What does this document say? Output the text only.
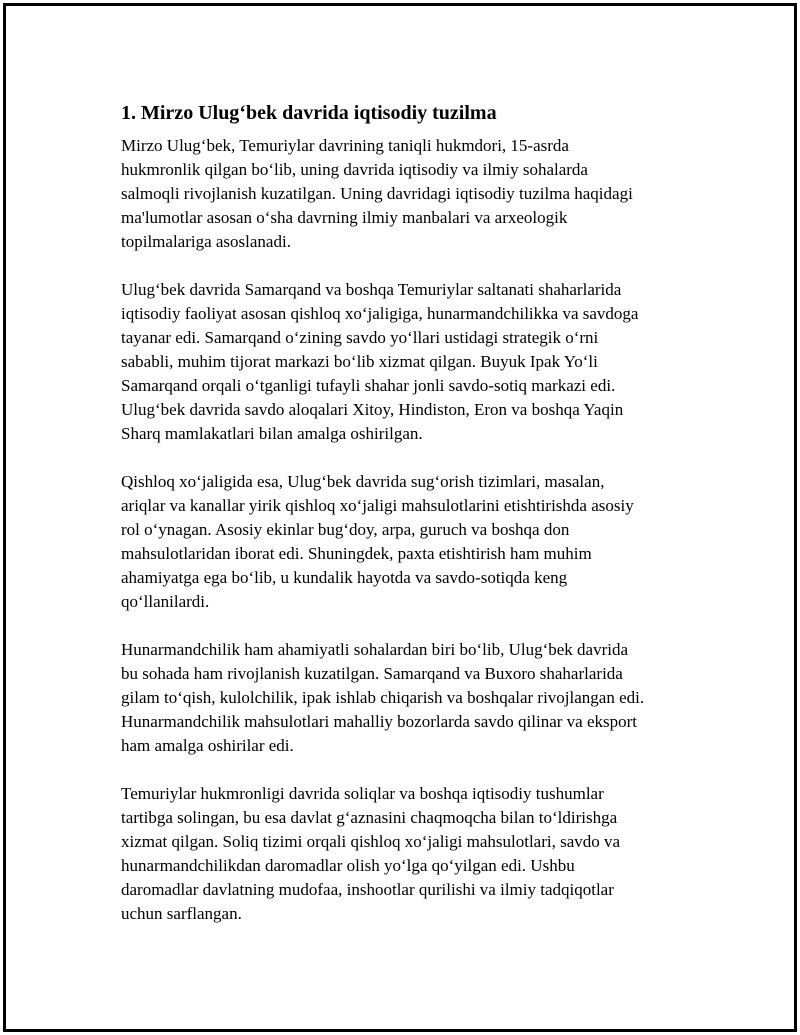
1. Mirzo Ulug‘bek davrida iqtisodiy tuzilma

Mirzo Ulug‘bek, Temuriylar davrining taniqli hukmdori, 15-asrda
hukmronlik qilgan bo‘lib, uning davrida iqtisodiy va ilmiy sohalarda
salmoqli rivojlanish kuzatilgan. Uning davridagi iqtisodiy tuzilma haqidagi
ma'lumotlar asosan o‘sha davrning ilmiy manbalari va arxeologik
topilmalariga asoslanadi.

Ulug‘bek davrida Samarqand va boshqa Temuriylar saltanati shaharlarida
iqtisodiy faoliyat asosan qishloq xo‘jaligiga, hunarmandchilikka va savdoga
tayanar edi. Samarqand o‘zining savdo yo‘llari ustidagi strategik o‘rni
sababli, muhim tijorat markazi bo‘lib xizmat qilgan. Buyuk Ipak Yo‘li
Samarqand orqali o‘tganligi tufayli shahar jonli savdo-sotiq markazi edi.
Ulug‘bek davrida savdo aloqalari Xitoy, Hindiston, Eron va boshqa Yaqin
Sharq mamlakatlari bilan amalga oshirilgan.

Qishloq xo‘jaligida esa, Ulug‘bek davrida sug‘orish tizimlari, masalan,
ariqlar va kanallar yirik qishloq xo‘jaligi mahsulotlarini etishtirishda asosiy
rol o‘ynagan. Asosiy ekinlar bug‘doy, arpa, guruch va boshqa don
mahsulotlaridan iborat edi. Shuningdek, paxta etishtirish ham muhim
ahamiyatga ega bo‘lib, u kundalik hayotda va savdo-sotiqda keng
qo‘llanilardi.

Hunarmandchilik ham ahamiyatli sohalardan biri bo‘lib, Ulug‘bek davrida
bu sohada ham rivojlanish kuzatilgan. Samarqand va Buxoro shaharlarida
gilam to‘qish, kulolchilik, ipak ishlab chiqarish va boshqalar rivojlangan edi.
Hunarmandchilik mahsulotlari mahalliy bozorlarda savdo qilinar va eksport
ham amalga oshirilar edi.

Temuriylar hukmronligi davrida soliqlar va boshqa iqtisodiy tushumlar
tartibga solingan, bu esa davlat g‘aznasini chaqmoqcha bilan to‘ldirishga
xizmat qilgan. Soliq tizimi orqali qishloq xo‘jaligi mahsulotlari, savdo va
hunarmandchilikdan daromadlar olish yo‘lga qo‘yilgan edi. Ushbu
daromadlar davlatning mudofaa, inshootlar qurilishi va ilmiy tadqiqotlar
uchun sarflangan.
